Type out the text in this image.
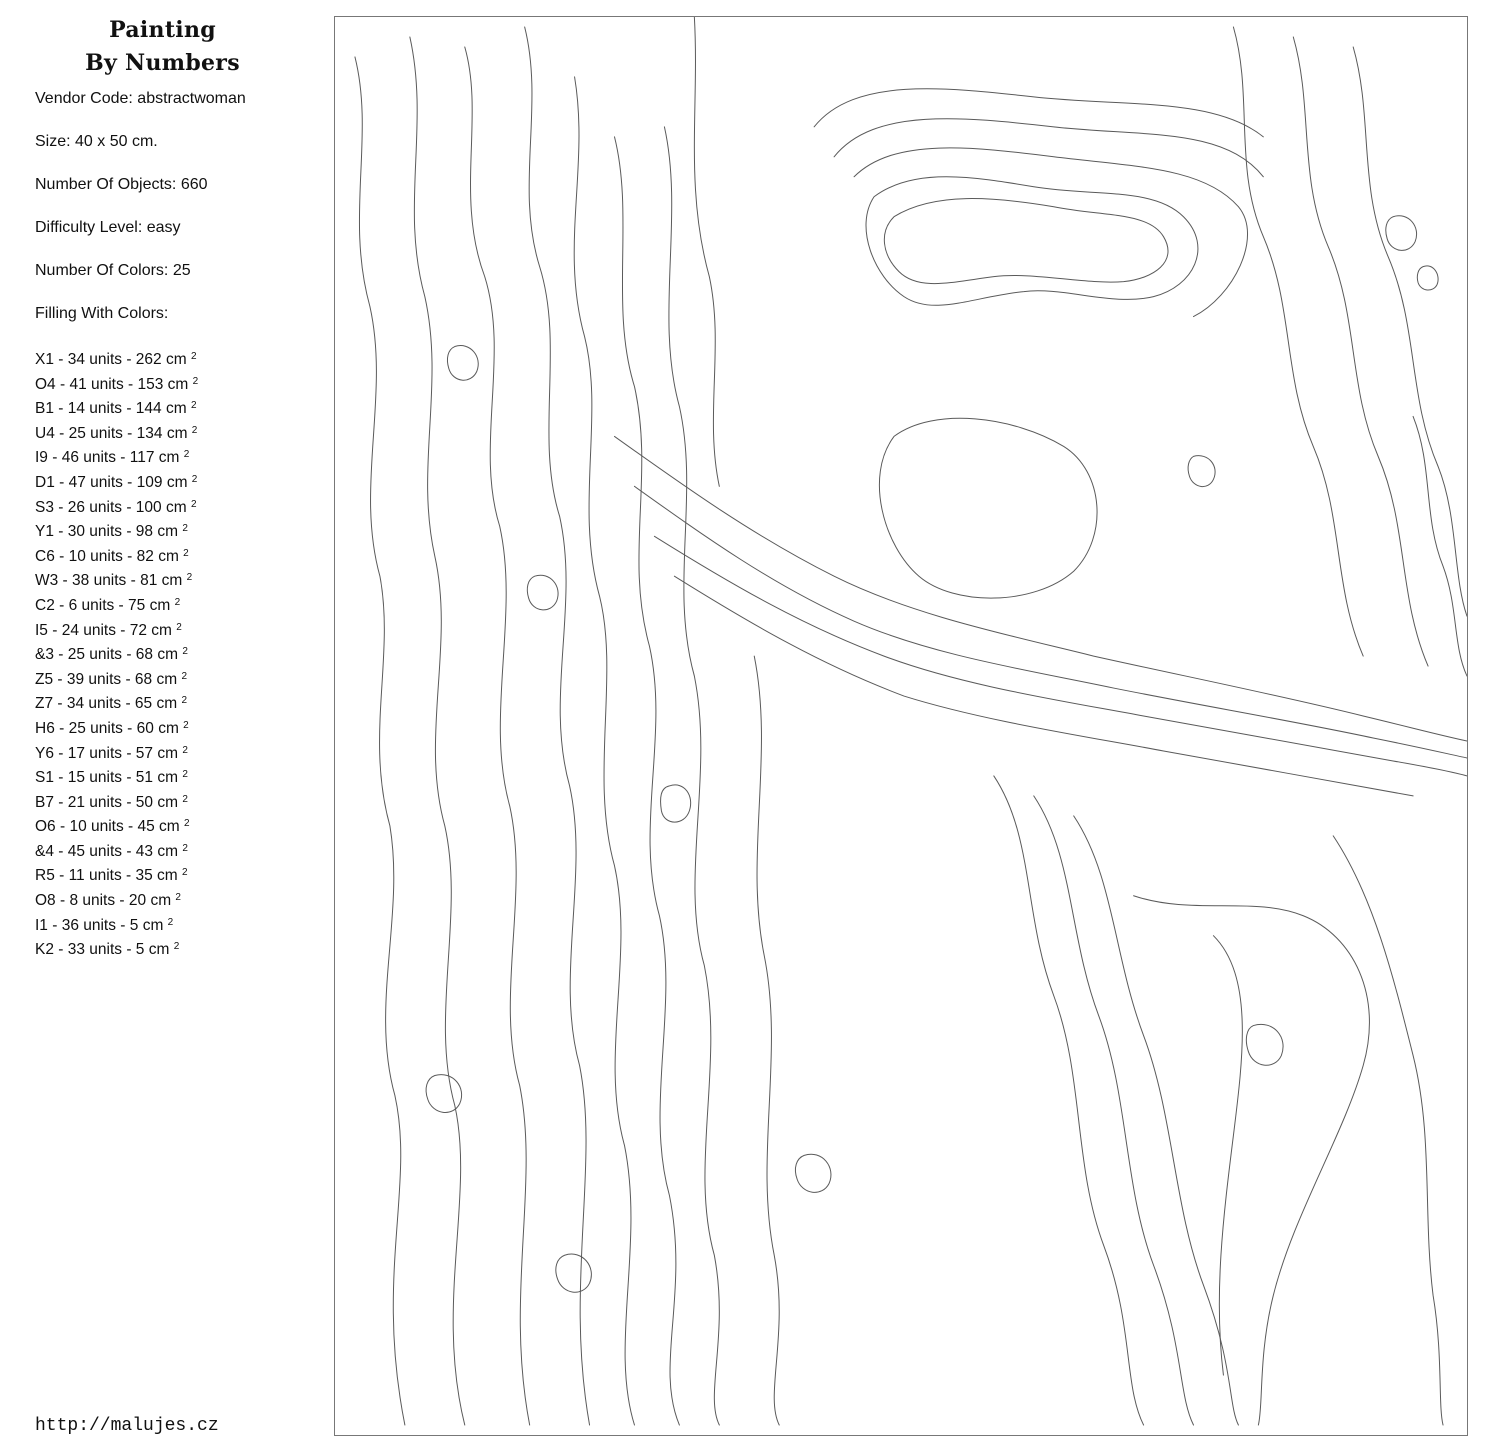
Painting
By Numbers
Vendor Code: abstractwoman
Size: 40 x 50 cm.
Number Of Objects: 660
Difficulty Level: easy
Number Of Colors: 25
Filling With Colors:
X1 - 34 units - 262 cm $^2$
O4 - 41 units - 153 cm $^2$
B1 - 14 units - 144 cm $^2$
U4 - 25 units - 134 cm $^2$
I9 - 46 units - 117 cm $^2$
D1 - 47 units - 109 cm $^2$
S3 - 26 units - 100 cm $^2$
Y1 - 30 units - 98 cm $^2$
C6 - 10 units - 82 cm $^2$
W3 - 38 units - 81 cm $^2$
C2 - 6 units - 75 cm $^2$
I5 - 24 units - 72 cm $^2$
&3 - 25 units - 68 cm $^2$
Z5 - 39 units - 68 cm $^2$
Z7 - 34 units - 65 cm $^2$
H6 - 25 units - 60 cm $^2$
Y6 - 17 units - 57 cm $^2$
S1 - 15 units - 51 cm $^2$
B7 - 21 units - 50 cm $^2$
O6 - 10 units - 45 cm $^2$
&4 - 45 units - 43 cm $^2$
R5 - 11 units - 35 cm $^2$
O8 - 8 units - 20 cm $^2$
I1 - 36 units - 5 cm $^2$
K2 - 33 units - 5 cm $^2$
http://malujes.cz
